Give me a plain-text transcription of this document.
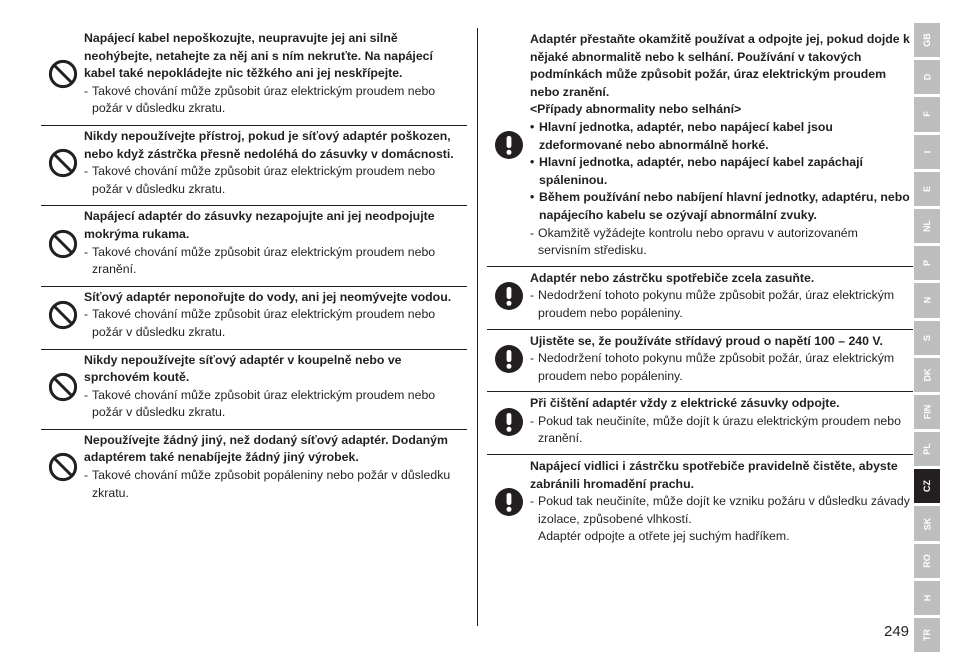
Napájecí kabel nepoškozujte, neupravujte jej ani silně neohýbejte, netahejte za něj ani s ním nekruťte. Na napájecí kabel také nepokládejte nic těžkého ani jej neskřípejte.

- Takové chování může způsobit úraz elektrickým proudem nebo požár v důsledku zkratu.

Nikdy nepoužívejte přístroj, pokud je síťový adaptér poškozen, nebo když zástrčka přesně nedoléhá do zásuvky v domácnosti.

- Takové chování může způsobit úraz elektrickým proudem nebo požár v důsledku zkratu.

Napájecí adaptér do zásuvky nezapojujte ani jej neodpojujte mokrýma rukama.

- Takové chování může způsobit úraz elektrickým proudem nebo zranění.

Síťový adaptér neponořujte do vody, ani jej neomývejte vodou.

- Takové chování může způsobit úraz elektrickým proudem nebo požár v důsledku zkratu.

Nikdy nepoužívejte síťový adaptér v koupelně nebo ve sprchovém koutě.

- Takové chování může způsobit úraz elektrickým proudem nebo požár v důsledku zkratu.

Nepoužívejte žádný jiný, než dodaný síťový adaptér. Dodaným adaptérem také nenabíjejte žádný jiný výrobek.

- Takové chování může způsobit popáleniny nebo požár v důsledku zkratu.

Adaptér přestaňte okamžitě používat a odpojte jej, pokud dojde k nějaké abnormalitě nebo k selhání. Používání v takových podmínkách může způsobit požár, úraz elektrickým proudem nebo zranění.

<Případy abnormality nebo selhání>

• Hlavní jednotka, adaptér, nebo napájecí kabel jsou zdeformované nebo abnormálně horké.

• Hlavní jednotka, adaptér, nebo napájecí kabel zapáchají spáleninou.

• Během používání nebo nabíjení hlavní jednotky, adaptéru, nebo napájecího kabelu se ozývají abnormální zvuky.

- Okamžitě vyžádejte kontrolu nebo opravu v autorizovaném servisním středisku.

Adaptér nebo zástrčku spotřebiče zcela zasuňte.

- Nedodržení tohoto pokynu může způsobit požár, úraz elektrickým proudem nebo popáleniny.

Ujistěte se, že používáte střídavý proud o napětí 100 – 240 V.

- Nedodržení tohoto pokynu může způsobit požár, úraz elektrickým proudem nebo popáleniny.

Při čištění adaptér vždy z elektrické zásuvky odpojte.

- Pokud tak neučiníte, může dojít k úrazu elektrickým proudem nebo zranění.

Napájecí vidlici i zástrčku spotřebiče pravidelně čistěte, abyste zabránili hromadění prachu.

- Pokud tak neučiníte, může dojít ke vzniku požáru v důsledku závady izolace, způsobené vlhkostí.

Adaptér odpojte a otřete jej suchým hadříkem.

GB
D
F
I
E
NL
P
N
S
DK
FIN
PL
CZ
SK
RO
H
TR
249
